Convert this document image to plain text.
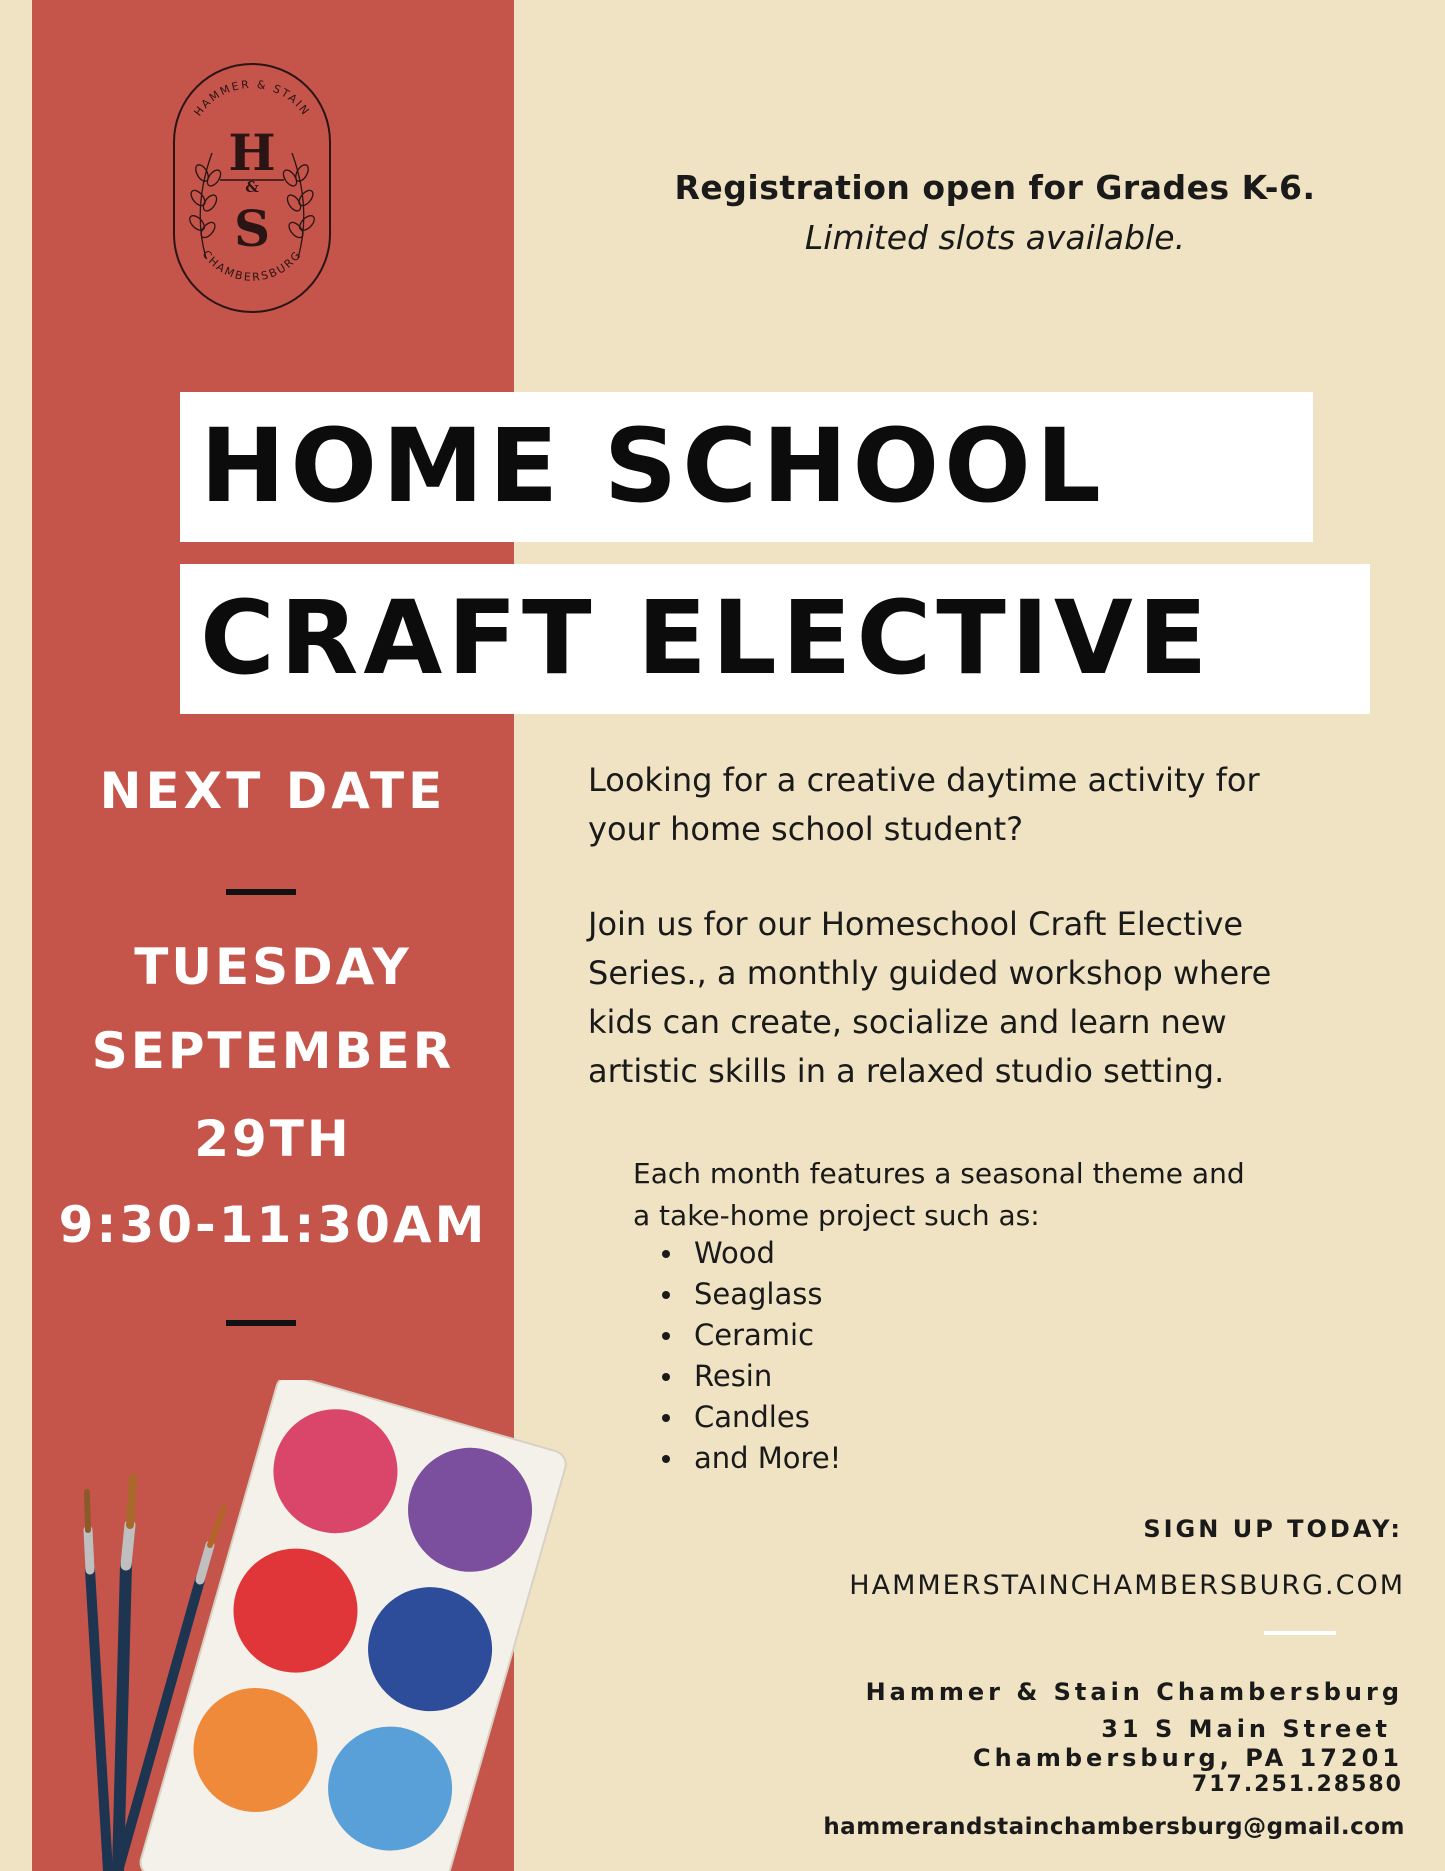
HAMMER & STAIN
CHAMBERSBURG
H
&
S

Registration open for Grades K-6.

Limited slots available.

HOME SCHOOL
CRAFT ELECTIVE
NEXT DATE
TUESDAY
SEPTEMBER
29TH
9:30-11:30AM

Looking for a creative daytime activity for your home school student?

Join us for our Homeschool Craft Elective Series., a monthly guided workshop where kids can create, socialize and learn new artistic skills in a relaxed studio setting.

Each month features a seasonal theme and a take-home project such as:

Wood
Seaglass
Ceramic
Resin
Candles
and More!
SIGN UP TODAY:
HAMMERSTAINCHAMBERSBURG.COM
Hammer & Stain Chambersburg
31 S Main Street
Chambersburg, PA 17201
717.251.28580
hammerandstainchambersburg@gmail.com
